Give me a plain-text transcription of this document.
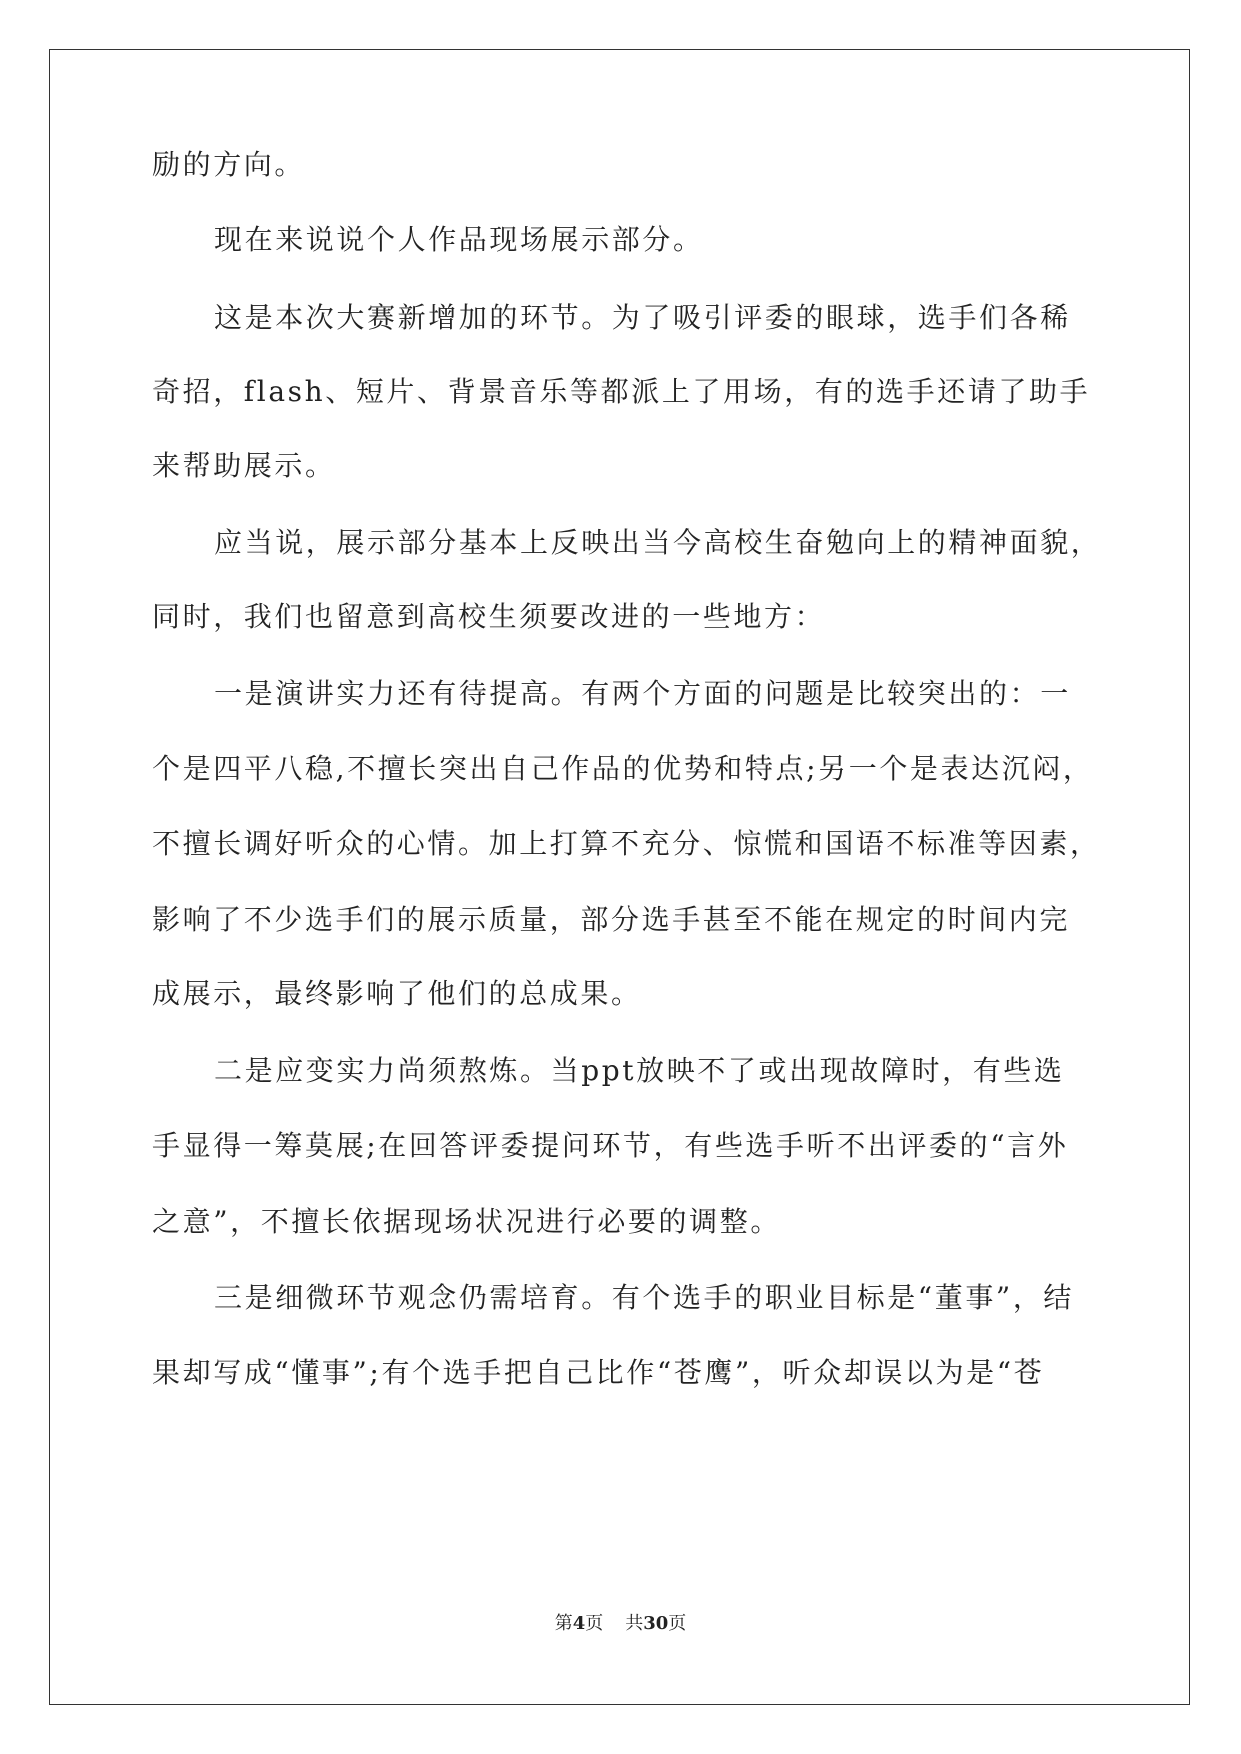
励的方向。
现在来说说个人作品现场展示部分。
这是本次大赛新增加的环节。为了吸引评委的眼球，选手们各稀
奇招，flash、短片、背景音乐等都派上了用场，有的选手还请了助手
来帮助展示。
应当说，展示部分基本上反映出当今高校生奋勉向上的精神面貌，
同时，我们也留意到高校生须要改进的一些地方：
一是演讲实力还有待提高。有两个方面的问题是比较突出的：一
个是四平八稳,不擅长突出自己作品的优势和特点;另一个是表达沉闷，
不擅长调好听众的心情。加上打算不充分、惊慌和国语不标准等因素，
影响了不少选手们的展示质量，部分选手甚至不能在规定的时间内完
成展示，最终影响了他们的总成果。
二是应变实力尚须熬炼。当ppt放映不了或出现故障时，有些选
手显得一筹莫展;在回答评委提问环节，有些选手听不出评委的“言外
之意”，不擅长依据现场状况进行必要的调整。
三是细微环节观念仍需培育。有个选手的职业目标是“董事”，结
果却写成“懂事”;有个选手把自己比作“苍鹰”，听众却误以为是“苍
第4页 共30页
